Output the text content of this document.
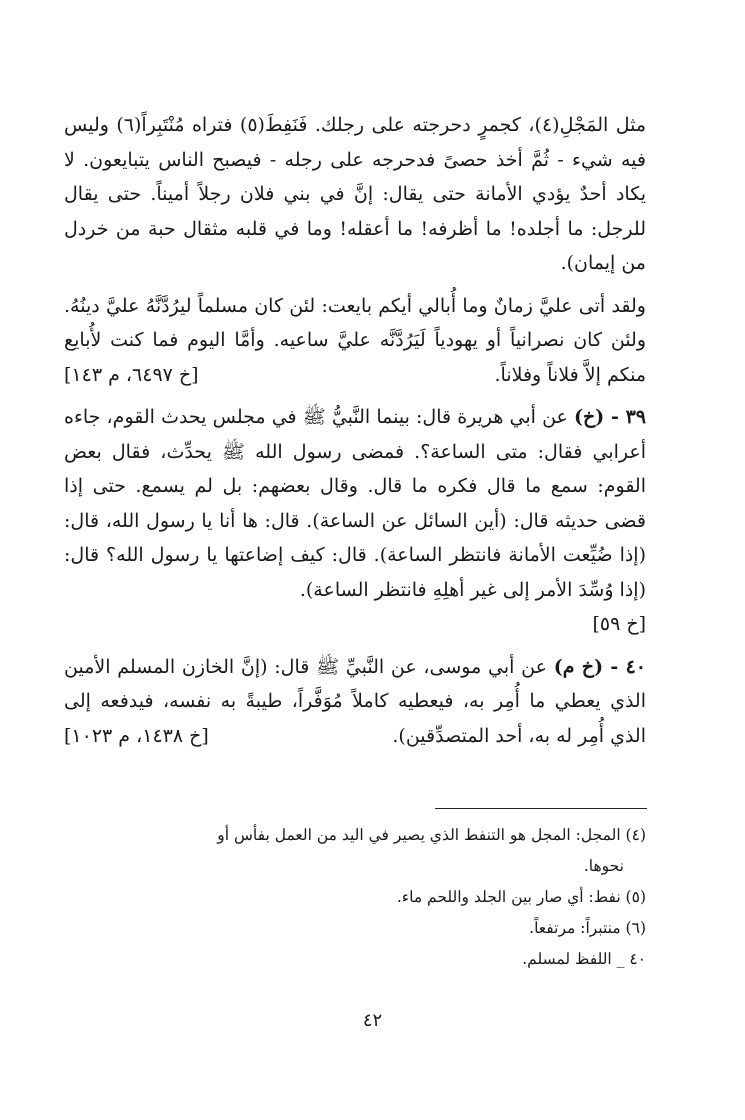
مثل المَجْلِ(٤)، كجمرٍ دحرجته على رجلك. فَنَفِطَ(٥) فتراه مُنْتَبِراً(٦) وليس فيه شيء - ثُمَّ أخذ حصىً فدحرجه على رجله - فيصبح الناس يتبايعون. لا يكاد أحدٌ يؤدي الأمانة حتى يقال: إنَّ في بني فلان رجلاً أميناً. حتى يقال للرجل: ما أجلده! ما أظرفه! ما أعقله! وما في قلبه مثقال حبة من خردل من إيمان).

ولقد أتى عليَّ زمانٌ وما أُبالي أيكم بايعت: لئن كان مسلماً ليرُدَّنَّهُ عليَّ دينُهُ. ولئن كان نصرانياً أو يهودياً لَيَرُدَّنَّه عليَّ ساعيه. وأمَّا اليوم فما كنت لأُبايع منكم إلاَّ فلاناً وفلاناً.
[خ ٦٤٩٧، م ١٤٣]

٣٩ - (خ) عن أبي هريرة قال: بينما النَّبيُّ ﷺ في مجلس يحدث القوم، جاءه أعرابي فقال: متى الساعة؟. فمضى رسول الله ﷺ يحدِّث، فقال بعض القوم: سمع ما قال فكره ما قال. وقال بعضهم: بل لم يسمع. حتى إذا قضى حديثه قال: (أين السائل عن الساعة). قال: ها أنا يا رسول الله، قال: (إذا ضُيِّعت الأمانة فانتظر الساعة). قال: كيف إضاعتها يا رسول الله؟ قال: (إذا وُسِّدَ الأمر إلى غير أهلِهِ فانتظر الساعة).
[خ ٥٩]

٤٠ - (خ م) عن أبي موسى، عن النَّبيِّ ﷺ قال: (إنَّ الخازن المسلم الأمين الذي يعطي ما أُمِر به، فيعطيه كاملاً مُوَفَّراً، طيبةً به نفسه، فيدفعه إلى الذي أُمِر له به، أحد المتصدِّقين).
[خ ١٤٣٨، م ١٠٢٣]

(٤) المجل: المجل هو التنفط الذي يصير في اليد من العمل بفأس أو

نحوها.

(٥) نفط: أي صار بين الجلد واللحم ماء.

(٦) منتبراً: مرتفعاً.

٤٠ _ اللفظ لمسلم.

٤٢
